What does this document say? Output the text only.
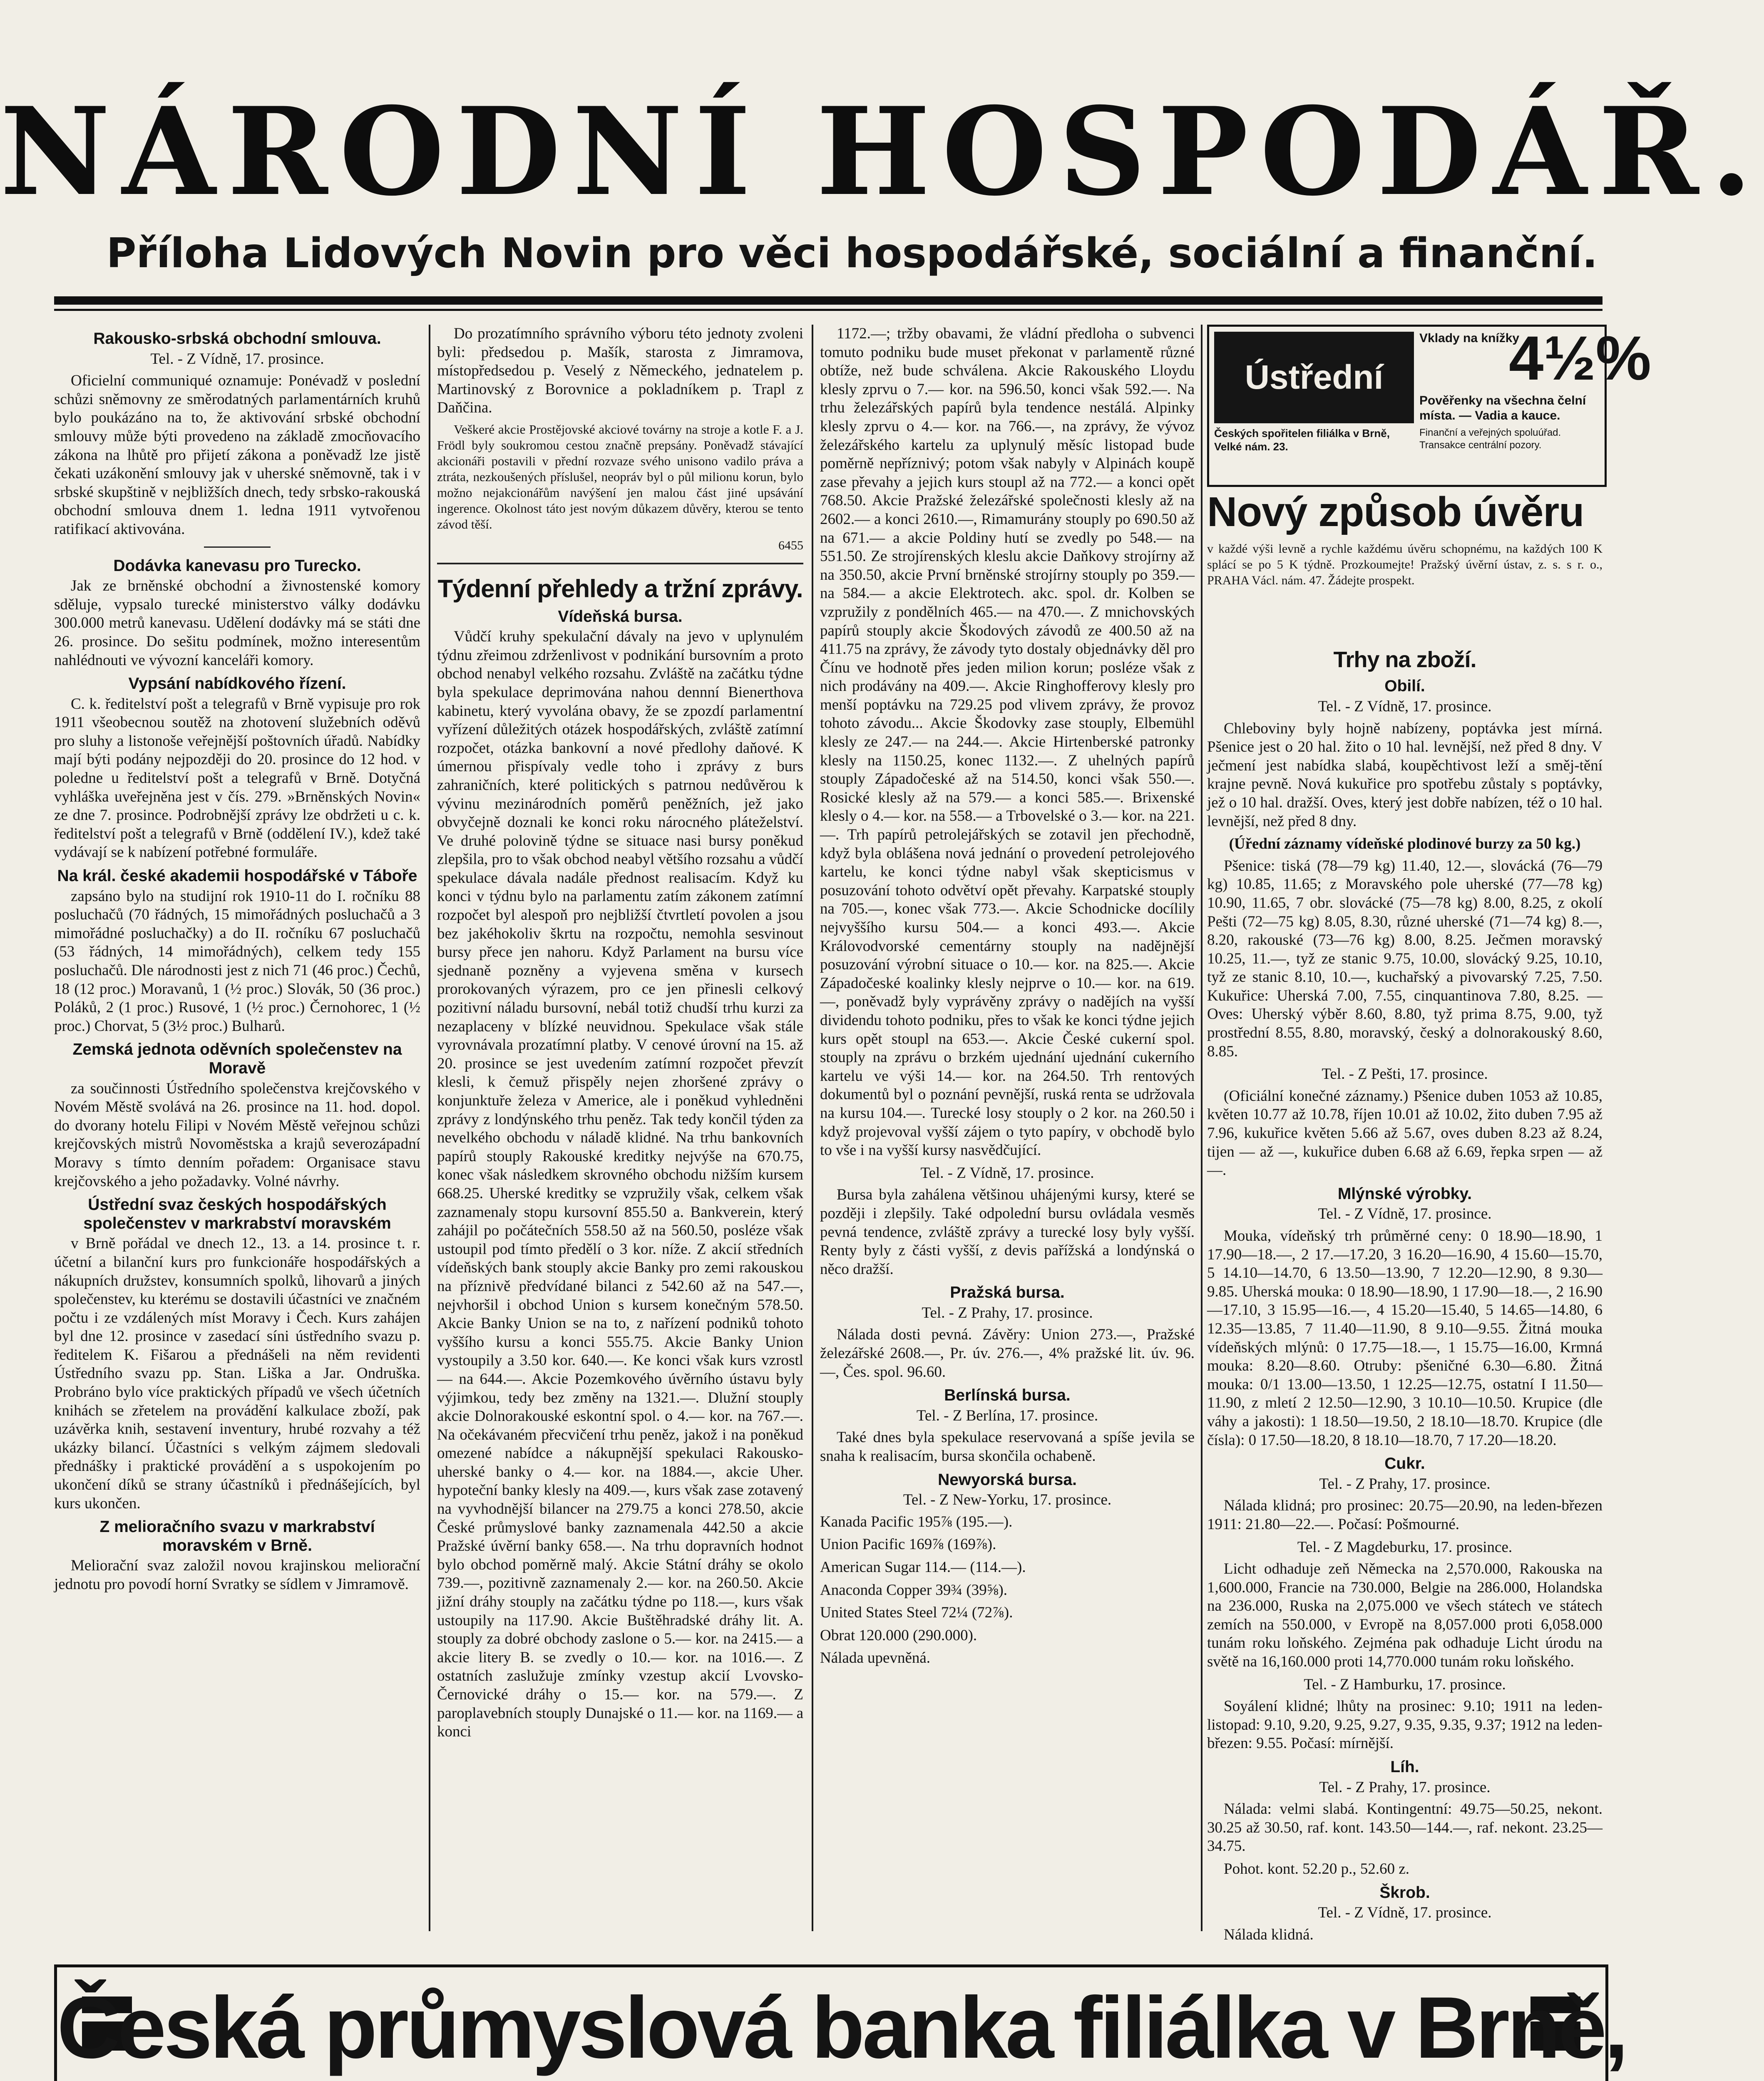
NÁRODNÍ HOSPODÁŘ.
Příloha Lidových Novin pro věci hospodářské, sociální a finanční.

Rakousko-srbská obchodní smlouva.

Tel. - Z Vídně, 17. prosince.

Oficielní communiqué oznamuje: Ponévadž v poslední schůzi sněmovny ze směrodatných parlamentárních kruhů bylo poukázáno na to, že aktivování srbské obchodní smlouvy může býti provedeno na základě zmocňovacího zákona na lhůtě pro přijetí zákona a poněvadž lze jistě čekati uzákonění smlouvy jak v uherské sněmovně, tak i v srbské skupštině v nejbližších dnech, tedy srbsko-rakouská obchodní smlouva dnem 1. ledna 1911 vytvořenou ratifikací aktivována.

Dodávka kanevasu pro Turecko.

Jak ze brněnské obchodní a živnostenské komory sděluje, vypsalo turecké ministerstvo války dodávku 300.000 metrů kanevasu. Udělení dodávky má se státi dne 26. prosince. Do sešitu podmínek, možno interesentům nahlédnouti ve vývozní kanceláři komory.

Vypsání nabídkového řízení.

C. k. ředitelství pošt a telegrafů v Brně vypisuje pro rok 1911 všeobecnou soutěž na zhotovení služebních oděvů pro sluhy a listonoše veřejnější poštovních úřadů. Nabídky mají býti podány nejpozději do 20. prosince do 12 hod. v poledne u ředitelství pošt a telegrafů v Brně. Dotyčná vyhláška uveřejněna jest v čís. 279. »Brněnských Novin« ze dne 7. prosince. Podrobnější zprávy lze obdržeti u c. k. ředitelství pošt a telegrafů v Brně (oddělení IV.), kdež také vydávají se k nabízení potřebné formuláře.

Na král. české akademii hospodářské v Táboře

zapsáno bylo na studijní rok 1910-11 do I. ročníku 88 posluchačů (70 řádných, 15 mimořádných posluchačů a 3 mimořádné posluchačky) a do II. ročníku 67 posluchačů (53 řádných, 14 mimořádných), celkem tedy 155 posluchačů. Dle národnosti jest z nich 71 (46 proc.) Čechů, 18 (12 proc.) Moravanů, 1 (½ proc.) Slovák, 50 (36 proc.) Poláků, 2 (1 proc.) Rusové, 1 (½ proc.) Černohorec, 1 (½ proc.) Chorvat, 5 (3½ proc.) Bulharů.

Zemská jednota oděvních společenstev na Moravě

za součinnosti Ústředního společenstva krejčovského v Novém Městě svolává na 26. prosince na 11. hod. dopol. do dvorany hotelu Filipi v Novém Městě veřejnou schůzi krejčovských mistrů Novoměstska a krajů severozápadní Moravy s tímto denním pořadem: Organisace stavu krejčovského a jeho požadavky. Volné návrhy.

Ústřední svaz českých hospodářských společenstev v markrabství moravském

v Brně pořádal ve dnech 12., 13. a 14. prosince t. r. účetní a bilanční kurs pro funkcionáře hospodářských a nákupních družstev, konsumních spolků, lihovarů a jiných společenstev, ku kterému se dostavili účastníci ve značném počtu i ze vzdálených míst Moravy i Čech. Kurs zahájen byl dne 12. prosince v zasedací síni ústředního svazu p. ředitelem K. Fišarou a přednášeli na něm revidenti Ústředního svazu pp. Stan. Liška a Jar. Ondruška. Probráno bylo více praktických případů ve všech účetních knihách se zřetelem na provádění kalkulace zboží, pak uzávěrka knih, sestavení inventury, hrubé rozvahy a též ukázky bilancí. Účastníci s velkým zájmem sledovali přednášky i praktické provádění a s uspokojením po ukončení díků se strany účastníků i přednášejících, byl kurs ukončen.

Z melioračního svazu v markrabství moravském v Brně.

Meliorační svaz založil novou krajinskou meliorační jednotu pro povodí horní Svratky se sídlem v Jimramově.

Do prozatímního správního výboru této jednoty zvoleni byli: předsedou p. Mašík, starosta z Jimramova, místopředsedou p. Veselý z Německého, jednatelem p. Martinovský z Borovnice a pokladníkem p. Trapl z Daňčina.

Veškeré akcie Prostějovské akciové továrny na stroje a kotle F. a J. Frödl byly soukromou cestou značně prepsány. Poněvadž stávající akcionáři postavili v přední rozvaze svého unisono vadilo práva a ztráta, nezkoušených příslušel, neopráv byl o půl milionu korun, bylo možno nejakcionářům navýšení jen malou část jiné upsávání ingerence. Okolnost táto jest novým důkazem důvěry, kterou se tento závod těší.

6455

Týdenní přehledy a tržní zprávy.

Vídeňská bursa.

Vůdčí kruhy spekulační dávaly na jevo v uplynulém týdnu zřeimou zdrženlivost v podnikání bursovním a proto obchod nenabyl velkého rozsahu. Zvláště na začátku týdne byla spekulace deprimována nahou dennní Bienerthova kabinetu, který vyvolána obavy, že se zpozdí parlamentní vyřízení důležitých otázek hospodářských, zvláště zatímní rozpočet, otázka bankovní a nové předlohy daňové. K úmernou přispívaly vedle toho i zprávy z burs zahraničních, které politických s patrnou nedůvěrou k vývinu mezinárodních poměrů peněžních, jež jako obvyčejně doznali ke konci roku nárocného pláteželství. Ve druhé polovině týdne se situace nasi bursy poněkud zlepšila, pro to však obchod neabyl většího rozsahu a vůdčí spekulace dávala nadále přednost realisacím. Když ku konci v týdnu bylo na parlamentu zatím zákonem zatímní rozpočet byl alespoň pro nejbližší čtvrtletí povolen a jsou bez jakéhokoliv škrtu na rozpočtu, nemohla sesvinout bursy přece jen nahoru. Když Parlament na bursu více sjednaně pozněny a vyjevena směna v kursech prorokovaných výrazem, pro ce jen přinesli celkový pozitivní náladu bursovní, nebál totiž chudší trhu kurzi za nezaplaceny v blízké neuvidnou. Spekulace však stále vyrovnávala prozatímní platby. V cenové úrovní na 15. až 20. prosince se jest uvedením zatímní rozpočet převzít klesli, k čemuž přispěly nejen zhoršené zprávy o konjunktuře železa v Americe, ale i poněkud vyhledněni zprávy z londýnského trhu peněz. Tak tedy končil týden za nevelkého obchodu v náladě klidné. Na trhu bankovních papírů stouply Rakouské kreditky nejvýše na 670.75, konec však následkem skrovného obchodu nižším kursem 668.25. Uherské kreditky se vzpružily však, celkem však zaznamenaly stopu kursovní 855.50 a. Bankverein, který zahájil po počátečních 558.50 až na 560.50, posléze však ustoupil pod tímto předělí o 3 kor. níže. Z akcií středních vídeňských bank stouply akcie Banky pro zemi rakouskou na příznivě předvídané bilanci z 542.60 až na 547.—, nejvhoršil i obchod Union s kursem konečným 578.50. Akcie Banky Union se na to, z nařízení podniků tohoto vyššího kursu a konci 555.75. Akcie Banky Union vystoupily a 3.50 kor. 640.—. Ke konci však kurs vzrostl — na 644.—. Akcie Pozemkového úvěrního ústavu byly výjimkou, tedy bez změny na 1321.—. Dlužní stouply akcie Dolnorakouské eskontní spol. o 4.— kor. na 767.—. Na očekávaném přecvičení trhu peněz, jakož i na poněkud omezené nabídce a nákupnější spekulaci Rakousko-uherské banky o 4.— kor. na 1884.—, akcie Uher. hypoteční banky klesly na 409.—, kurs však zase zotavený na vyvhodnější bilancer na 279.75 a konci 278.50, akcie České průmyslové banky zaznamenala 442.50 a akcie Pražské úvěrní banky 658.—. Na trhu dopravních hodnot bylo obchod poměrně malý. Akcie Státní dráhy se okolo 739.—, pozitivně zaznamenaly 2.— kor. na 260.50. Akcie jižní dráhy stouply na začátku týdne po 118.—, kurs však ustoupily na 117.90. Akcie Buštěhradské dráhy lit. A. stouply za dobré obchody zaslone o 5.— kor. na 2415.— a akcie litery B. se zvedly o 10.— kor. na 1016.—. Z ostatních zaslužuje zmínky vzestup akcií Lvovsko-Černovické dráhy o 15.— kor. na 579.—. Z paroplavebních stouply Dunajské o 11.— kor. na 1169.— a konci

1172.—; tržby obavami, že vládní předloha o subvenci tomuto podniku bude muset překonat v parlamentě různé obtíže, než bude schválena. Akcie Rakouského Lloydu klesly zprvu o 7.— kor. na 596.50, konci však 592.—. Na trhu železářských papírů byla tendence nestálá. Alpinky klesly zprvu o 4.— kor. na 766.—, na zprávy, že vývoz železářského kartelu za uplynulý měsíc listopad bude poměrně nepříznivý; potom však nabyly v Alpinách koupě zase převahy a jejich kurs stoupl až na 772.— a konci opět 768.50. Akcie Pražské železářské společnosti klesly až na 2602.— a konci 2610.—, Rimamurány stouply po 690.50 až na 671.— a akcie Poldiny hutí se zvedly po 548.— na 551.50. Ze strojírenských kleslu akcie Daňkovy strojírny až na 350.50, akcie První brněnské strojírny stouply po 359.— na 584.— a akcie Elektrotech. akc. spol. dr. Kolben se vzpružily z pondělních 465.— na 470.—. Z mnichovských papírů stouply akcie Škodových závodů ze 400.50 až na 411.75 na zprávy, že závody tyto dostaly objednávky děl pro Čínu ve hodnotě přes jeden milion korun; posléze však z nich prodávány na 409.—. Akcie Ringhofferovy klesly pro menší poptávku na 729.25 pod vlivem zprávy, že provoz tohoto závodu... Akcie Škodovky zase stouply, Elbemühl klesly ze 247.— na 244.—. Akcie Hirtenberské patronky klesly na 1150.25, konec 1132.—. Z uhelných papírů stouply Západočeské až na 514.50, konci však 550.—. Rosické klesly až na 579.— a konci 585.—. Brixenské klesly o 4.— kor. na 558.— a Trbovelské o 3.— kor. na 221.—. Trh papírů petrolejářských se zotavil jen přechodně, když byla oblášena nová jednání o provedení petrolejového kartelu, ke konci týdne nabyl však skepticismus v posuzování tohoto odvětví opět převahy. Karpatské stouply na 705.—, konec však 773.—. Akcie Schodnicke docílily nejvyššího kursu 504.— a konci 493.—. Akcie Královodvorské cementárny stouply na nadějnější posuzování výrobní situace o 10.— kor. na 825.—. Akcie Západočeské koalinky klesly nejprve o 10.— kor. na 619.—, poněvadž byly vyprávěny zprávy o nadějích na vyšší dividendu tohoto podniku, přes to však ke konci týdne jejich kurs opět stoupl na 653.—. Akcie České cukerní spol. stouply na zprávu o brzkém ujednání ujednání cukerního kartelu ve výši 14.— kor. na 264.50. Trh rentových dokumentů byl o poznání pevnější, ruská renta se udržovala na kursu 104.—. Turecké losy stouply o 2 kor. na 260.50 i když projevoval vyšší zájem o tyto papíry, v obchodě bylo to vše i na vyšší kursy nasvědčující.

Tel. - Z Vídně, 17. prosince.

Bursa byla zahálena většinou uhájenými kursy, které se později i zlepšily. Také odpolední bursu ovládala vesměs pevná tendence, zvláště zprávy a turecké losy byly vyšší. Renty byly z části vyšší, z devis pařížská a londýnská o něco dražší.

Pražská bursa.

Tel. - Z Prahy, 17. prosince.

Nálada dosti pevná. Závěry: Union 273.—, Pražské železářské 2608.—, Pr. úv. 276.—, 4% pražské lit. úv. 96.—, Čes. spol. 96.60.

Berlínská bursa.

Tel. - Z Berlína, 17. prosince.

Také dnes byla spekulace reservovaná a spíše jevila se snaha k realisacím, bursa skončila ochabeně.

Newyorská bursa.

Tel. - Z New-Yorku, 17. prosince.

Kanada Pacific 195⅞ (195.—).

Union Pacific 169⅞ (169⅞).

American Sugar 114.— (114.—).

Anaconda Copper 39¾ (39⅝).

United States Steel 72¼ (72⅞).

Obrat 120.000 (290.000).

Nálada upevněná.

Ústřední Banka
Vklady na knížky
4½%
Pověřenky na všechna čelní místa. — Vadia a kauce.
Českých spořitelen filiálka v Brně, Velké nám. 23.
Finanční a veřejných spoluúřad. Transakce centrální pozory.
Nový způsob úvěru
v každé výši levně a rychle každému úvěru schopnému, na každých 100 K splácí se po 5 K týdně. Prozkoumejte! Pražský úvěrní ústav, z. s. s r. o., PRAHA Václ. nám. 47. Žádejte prospekt.

Trhy na zboží.

Obilí.

Tel. - Z Vídně, 17. prosince.

Chlebovinу byly hojně nabízeny, poptávka jest mírná. Pšenice jest o 20 hal. žito o 10 hal. levnější, než před 8 dny. V ječmení jest nabídka slabá, koupěchtivost leží a směj-tění krajne pevně. Nová kukuřice pro spotřebu zůstaly s poptávky, jež o 10 hal. dražší. Oves, který jest dobře nabízen, též o 10 hal. levnější, než před 8 dny.

(Úřední záznamy vídeňské plodinové burzy za 50 kg.)

Pšenice: tiská (78—79 kg) 11.40, 12.—, slovácká (76—79 kg) 10.85, 11.65; z Moravského pole uherské (77—78 kg) 10.90, 11.65, 7 obr. slovácké (75—78 kg) 8.00, 8.25, z okolí Pešti (72—75 kg) 8.05, 8.30, různé uherské (71—74 kg) 8.—, 8.20, rakouské (73—76 kg) 8.00, 8.25. Ječmen moravský 10.25, 11.—, tyž ze stanic 9.75, 10.00, slovácký 9.25, 10.10, tyž ze stanic 8.10, 10.—, kuchařský a pivovarský 7.25, 7.50. Kukuřice: Uherská 7.00, 7.55, cinquantinova 7.80, 8.25. — Oves: Uherský výběr 8.60, 8.80, tyž prima 8.75, 9.00, tyž prostřední 8.55, 8.80, moravský, český a dolnorakouský 8.60, 8.85.

Tel. - Z Pešti, 17. prosince.

(Oficiální konečné záznamy.) Pšenice duben 1053 až 10.85, květen 10.77 až 10.78, říjen 10.01 až 10.02, žito duben 7.95 až 7.96, kukuřice květen 5.66 až 5.67, oves duben 8.23 až 8.24, tijen — až —, kukuřice duben 6.68 až 6.69, řepka srpen — až —.

Mlýnské výrobky.

Tel. - Z Vídně, 17. prosince.

Mouka, vídeňský trh průměrné ceny: 0 18.90—18.90, 1 17.90—18.—, 2 17.—17.20, 3 16.20—16.90, 4 15.60—15.70, 5 14.10—14.70, 6 13.50—13.90, 7 12.20—12.90, 8 9.30—9.85. Uherská mouka: 0 18.90—18.90, 1 17.90—18.—, 2 16.90—17.10, 3 15.95—16.—, 4 15.20—15.40, 5 14.65—14.80, 6 12.35—13.85, 7 11.40—11.90, 8 9.10—9.55. Žitná mouka vídeňských mlýnů: 0 17.75—18.—, 1 15.75—16.00, Krmná mouka: 8.20—8.60. Otruby: pšeničné 6.30—6.80. Žitná mouka: 0/1 13.00—13.50, 1 12.25—12.75, ostatní I 11.50—11.90, z mletí 2 12.50—12.90, 3 10.10—10.50. Krupice (dle váhy a jakosti): 1 18.50—19.50, 2 18.10—18.70. Krupice (dle čísla): 0 17.50—18.20, 8 18.10—18.70, 7 17.20—18.20.

Cukr.

Tel. - Z Prahy, 17. prosince.

Nálada klidná; pro prosinec: 20.75—20.90, na leden-březen 1911: 21.80—22.—. Počasí: Pošmourné.

Tel. - Z Magdeburku, 17. prosince.

Licht odhaduje zeň Německa na 2,570.000, Rakouska na 1,600.000, Francie na 730.000, Belgie na 286.000, Holandska na 236.000, Ruska na 2,075.000 ve všech státech ve státech zemích na 550.000, v Evropě na 8,057.000 proti 6,058.000 tunám roku loňského. Zejména pak odhaduje Licht úrodu na světě na 16,160.000 proti 14,770.000 tunám roku loňského.

Tel. - Z Hamburku, 17. prosince.

Soyálení klidné; lhůty na prosinec: 9.10; 1911 na leden-listopad: 9.10, 9.20, 9.25, 9.27, 9.35, 9.35, 9.37; 1912 na leden-březen: 9.55. Počasí: mírnější.

Líh.

Tel. - Z Prahy, 17. prosince.

Nálada: velmi slabá. Kontingentní: 49.75—50.25, nekont. 30.25 až 30.50, raf. kont. 143.50—144.—, raf. nekont. 23.25—34.75.

Pohot. kont. 52.20 p., 52.60 z.

Škrob.

Tel. - Z Vídně, 17. prosince.

Nálada klidná.

Česká průmyslová banka filiálka v Brně,
